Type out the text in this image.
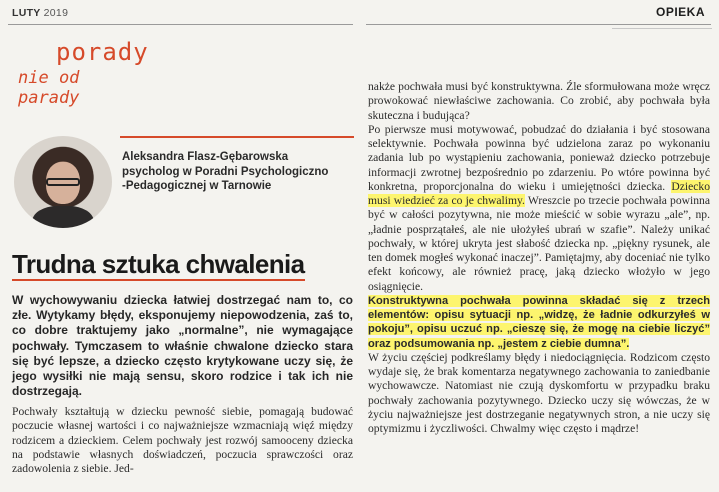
LUTY 2019	OPIEKA
porady
nie od parady
Aleksandra Flasz-Gębarowska
psycholog w Poradni Psychologiczno
-Pedagogicznej w Tarnowie
Trudna sztuka chwalenia
W wychowywaniu dziecka łatwiej dostrzegać nam to, co złe. Wytykamy błędy, eksponujemy niepowodzenia, zaś to, co dobre traktujemy jako „normalne”, nie wymagające pochwały. Tymczasem to właśnie chwalone dziecko stara się być lepsze, a dziecko często krytykowane uczy się, że jego wysiłki nie mają sensu, skoro rodzice i tak ich nie dostrzegają.
Pochwały kształtują w dziecku pewność siebie, pomagają budować poczucie własnej wartości i co najważniejsze wzmacniają więź między rodzicem a dzieckiem. Celem pochwały jest rozwój samooceny dziecka na podstawie własnych doświadczeń, poczucia sprawczości oraz zadowolenia z siebie. Jed-

nakże pochwała musi być konstruktywna. Źle sformułowana może wręcz prowokować niewłaściwe zachowania. Co zrobić, aby pochwała była skuteczna i budująca?

Po pierwsze musi motywować, pobudzać do działania i być stosowana selektywnie. Pochwała powinna być udzielona zaraz po wykonaniu zadania lub po wystąpieniu zachowania, ponieważ dziecko potrzebuje informacji zwrotnej bezpośrednio po zdarzeniu. Po wtóre powinna być konkretna, proporcjonalna do wieku i umiejętności dziecka. Dziecko musi wiedzieć za co je chwalimy. Wreszcie po trzecie pochwała powinna być w całości pozytywna, nie może mieścić w sobie wyrazu „ale”, np. „ładnie posprzątałeś, ale nie ułożyłeś ubrań w szafie”. Należy unikać pochwały, w której ukryta jest słabość dziecka np. „piękny rysunek, ale ten domek mogłeś wykonać inaczej”. Pamiętajmy, aby doceniać nie tylko efekt końcowy, ale również pracę, jaką dziecko włożyło w jego osiągnięcie.

Konstruktywna pochwała powinna składać się z trzech elementów: opisu sytuacji np. „widzę, że ładnie odkurzyłeś w pokoju”, opisu uczuć np. „cieszę się, że mogę na ciebie liczyć” oraz podsumowania np. „jestem z ciebie dumna”.

W życiu częściej podkreślamy błędy i niedociągnięcia. Rodzicom często wydaje się, że brak komentarza negatywnego zachowania to zaniedbanie wychowawcze. Natomiast nie czują dyskomfortu w przypadku braku pochwały zachowania pozytywnego. Dziecko uczy się wówczas, że w życiu najważniejsze jest dostrzeganie negatywnych stron, a nie uczy się optymizmu i życzliwości. Chwalmy więc często i mądrze!
